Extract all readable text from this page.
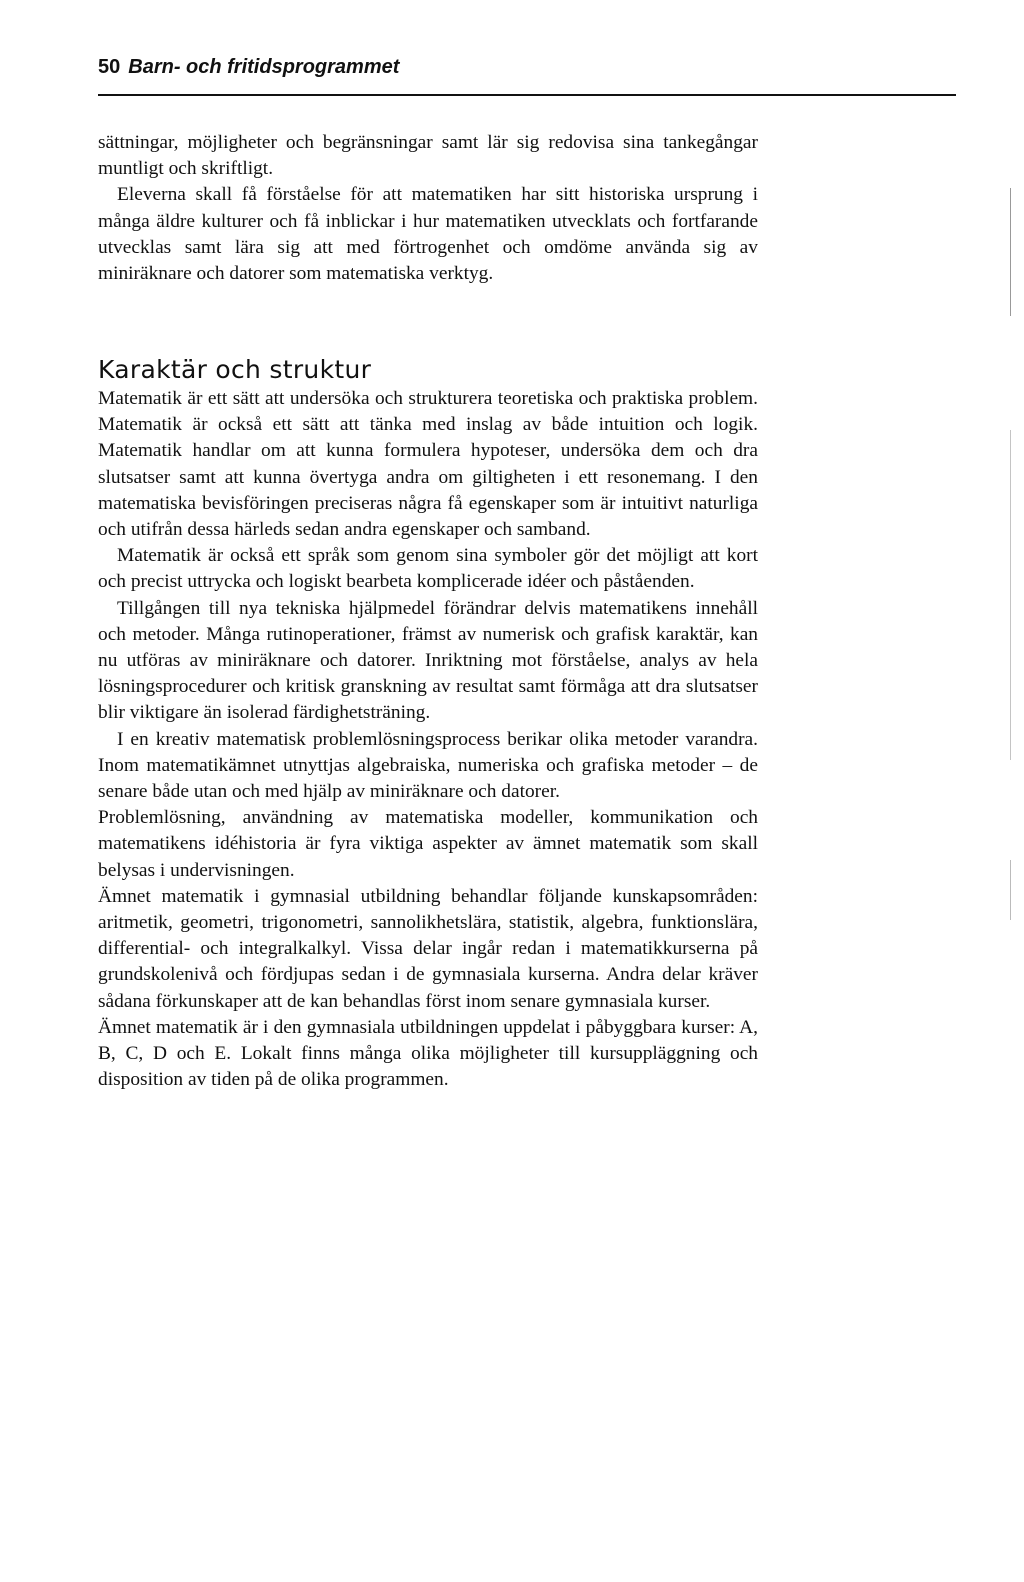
50 Barn- och fritidsprogrammet

sättningar, möjligheter och begränsningar samt lär sig redovisa sina tankegångar muntligt och skriftligt.

Eleverna skall få förståelse för att matematiken har sitt historiska ursprung i många äldre kulturer och få inblickar i hur matematiken utvecklats och fortfarande utvecklas samt lära sig att med förtrogenhet och omdöme använda sig av miniräknare och datorer som matematiska verktyg.

Karaktär och struktur

Matematik är ett sätt att undersöka och strukturera teoretiska och praktiska problem. Matematik är också ett sätt att tänka med inslag av både intuition och logik. Matematik handlar om att kunna formulera hypoteser, undersöka dem och dra slutsatser samt att kunna övertyga andra om giltigheten i ett resonemang. I den matematiska bevisföringen preciseras några få egenskaper som är intuitivt naturliga och utifrån dessa härleds sedan andra egenskaper och samband.

Matematik är också ett språk som genom sina symboler gör det möjligt att kort och precist uttrycka och logiskt bearbeta komplicerade idéer och påståenden.

Tillgången till nya tekniska hjälpmedel förändrar delvis matematikens innehåll och metoder. Många rutinoperationer, främst av numerisk och grafisk karaktär, kan nu utföras av miniräknare och datorer. Inriktning mot förståelse, analys av hela lösningsprocedurer och kritisk granskning av resultat samt förmåga att dra slutsatser blir viktigare än isolerad färdighetsträning.

I en kreativ matematisk problemlösningsprocess berikar olika metoder varandra. Inom matematikämnet utnyttjas algebraiska, numeriska och grafiska metoder – de senare både utan och med hjälp av miniräknare och datorer.

Problemlösning, användning av matematiska modeller, kommunikation och matematikens idéhistoria är fyra viktiga aspekter av ämnet matematik som skall belysas i undervisningen.

Ämnet matematik i gymnasial utbildning behandlar följande kunskapsområden: aritmetik, geometri, trigonometri, sannolikhetslära, statistik, algebra, funktionslära, differential- och integralkalkyl. Vissa delar ingår redan i matematikkurserna på grundskolenivå och fördjupas sedan i de gymnasiala kurserna. Andra delar kräver sådana förkunskaper att de kan behandlas först inom senare gymnasiala kurser.

Ämnet matematik är i den gymnasiala utbildningen uppdelat i påbyggbara kurser: A, B, C, D och E. Lokalt finns många olika möjligheter till kursuppläggning och disposition av tiden på de olika programmen.
